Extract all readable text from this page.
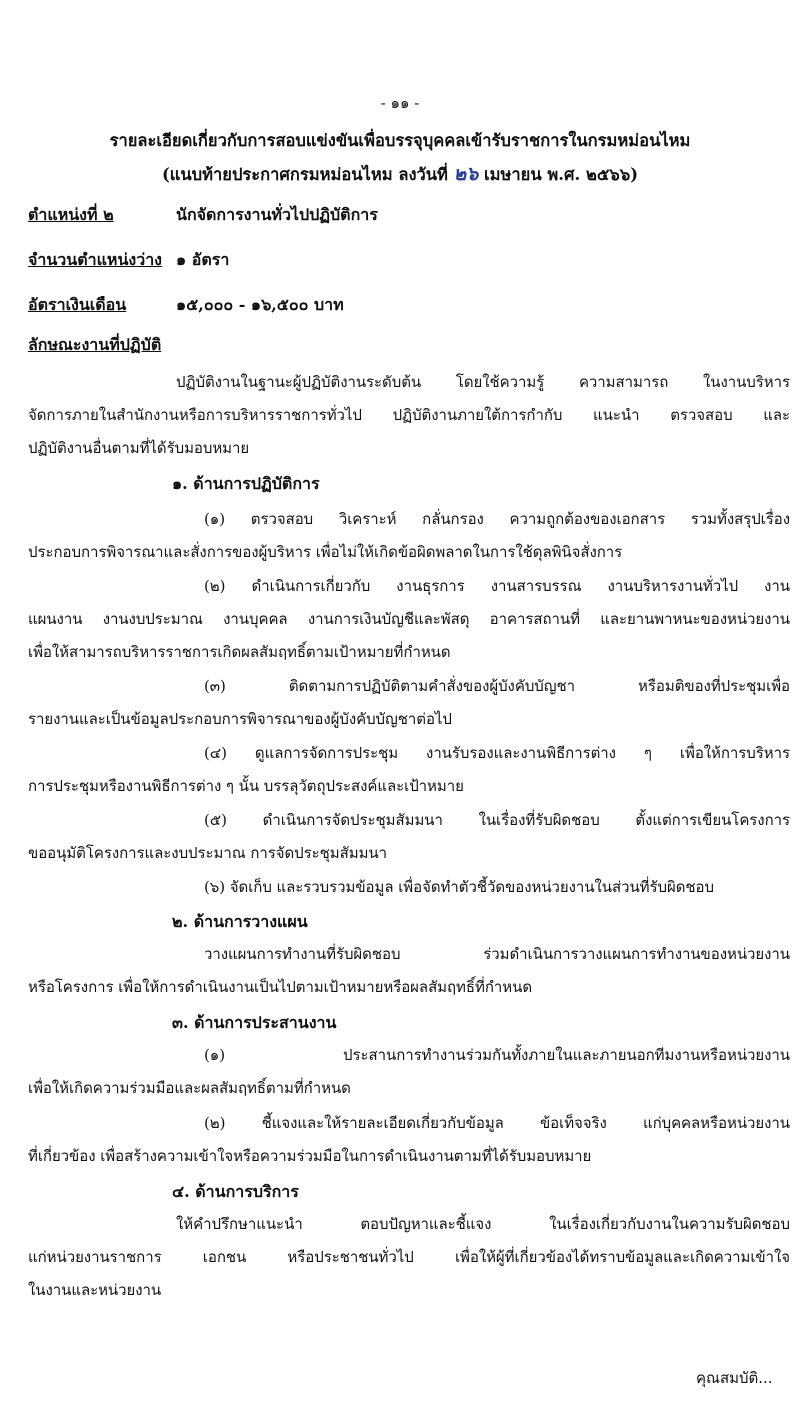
- ๑๑ -
รายละเอียดเกี่ยวกับการสอบแข่งขันเพื่อบรรจุบุคคลเข้ารับราชการในกรมหม่อนไหม
(แนบท้ายประกาศกรมหม่อนไหม ลงวันที่ ๒๖ เมษายน พ.ศ. ๒๕๖๖)
ตำแหน่งที่ ๒	นักจัดการงานทั่วไปปฏิบัติการ
จำนวนตำแหน่งว่าง ๑ อัตรา
อัตราเงินเดือน	๑๕,๐๐๐ - ๑๖,๕๐๐ บาท
ลักษณะงานที่ปฏิบัติ
ปฏิบัติงานในฐานะผู้ปฏิบัติงานระดับต้น โดยใช้ความรู้ ความสามารถ ในงานบริหาร
จัดการภายในสำนักงานหรือการบริหารราชการทั่วไป ปฏิบัติงานภายใต้การกำกับ แนะนำ ตรวจสอบ และ
ปฏิบัติงานอื่นตามที่ได้รับมอบหมาย
๑. ด้านการปฏิบัติการ
(๑) ตรวจสอบ วิเคราะห์ กลั่นกรอง ความถูกต้องของเอกสาร รวมทั้งสรุปเรื่อง
ประกอบการพิจารณาและสั่งการของผู้บริหาร เพื่อไม่ให้เกิดข้อผิดพลาดในการใช้ดุลพินิจสั่งการ
(๒) ดำเนินการเกี่ยวกับ งานธุรการ งานสารบรรณ งานบริหารงานทั่วไป งาน
แผนงาน งานงบประมาณ งานบุคคล งานการเงินบัญชีและพัสดุ อาคารสถานที่ และยานพาหนะของหน่วยงาน
เพื่อให้สามารถบริหารราชการเกิดผลสัมฤทธิ์ตามเป้าหมายที่กำหนด
(๓) ติดตามการปฏิบัติตามคำสั่งของผู้บังคับบัญชา หรือมติของที่ประชุมเพื่อ
รายงานและเป็นข้อมูลประกอบการพิจารณาของผู้บังคับบัญชาต่อไป
(๔) ดูแลการจัดการประชุม งานรับรองและงานพิธีการต่าง ๆ เพื่อให้การบริหาร
การประชุมหรืองานพิธีการต่าง ๆ นั้น บรรลุวัตถุประสงค์และเป้าหมาย
(๕) ดำเนินการจัดประชุมสัมมนา ในเรื่องที่รับผิดชอบ ตั้งแต่การเขียนโครงการ
ขออนุมัติโครงการและงบประมาณ การจัดประชุมสัมมนา
(๖) จัดเก็บ และรวบรวมข้อมูล เพื่อจัดทำตัวชี้วัดของหน่วยงานในส่วนที่รับผิดชอบ
๒. ด้านการวางแผน
วางแผนการทำงานที่รับผิดชอบ ร่วมดำเนินการวางแผนการทำงานของหน่วยงาน
หรือโครงการ เพื่อให้การดำเนินงานเป็นไปตามเป้าหมายหรือผลสัมฤทธิ์ที่กำหนด
๓. ด้านการประสานงาน
(๑) ประสานการทำงานร่วมกันทั้งภายในและภายนอกทีมงานหรือหน่วยงาน
เพื่อให้เกิดความร่วมมือและผลสัมฤทธิ์ตามที่กำหนด
(๒) ชี้แจงและให้รายละเอียดเกี่ยวกับข้อมูล ข้อเท็จจริง แก่บุคคลหรือหน่วยงาน
ที่เกี่ยวข้อง เพื่อสร้างความเข้าใจหรือความร่วมมือในการดำเนินงานตามที่ได้รับมอบหมาย
๔. ด้านการบริการ
ให้คำปรึกษาแนะนำ ตอบปัญหาและชี้แจง ในเรื่องเกี่ยวกับงานในความรับผิดชอบ
แก่หน่วยงานราชการ เอกชน หรือประชาชนทั่วไป เพื่อให้ผู้ที่เกี่ยวข้องได้ทราบข้อมูลและเกิดความเข้าใจ
ในงานและหน่วยงาน
คุณสมบัติ...
